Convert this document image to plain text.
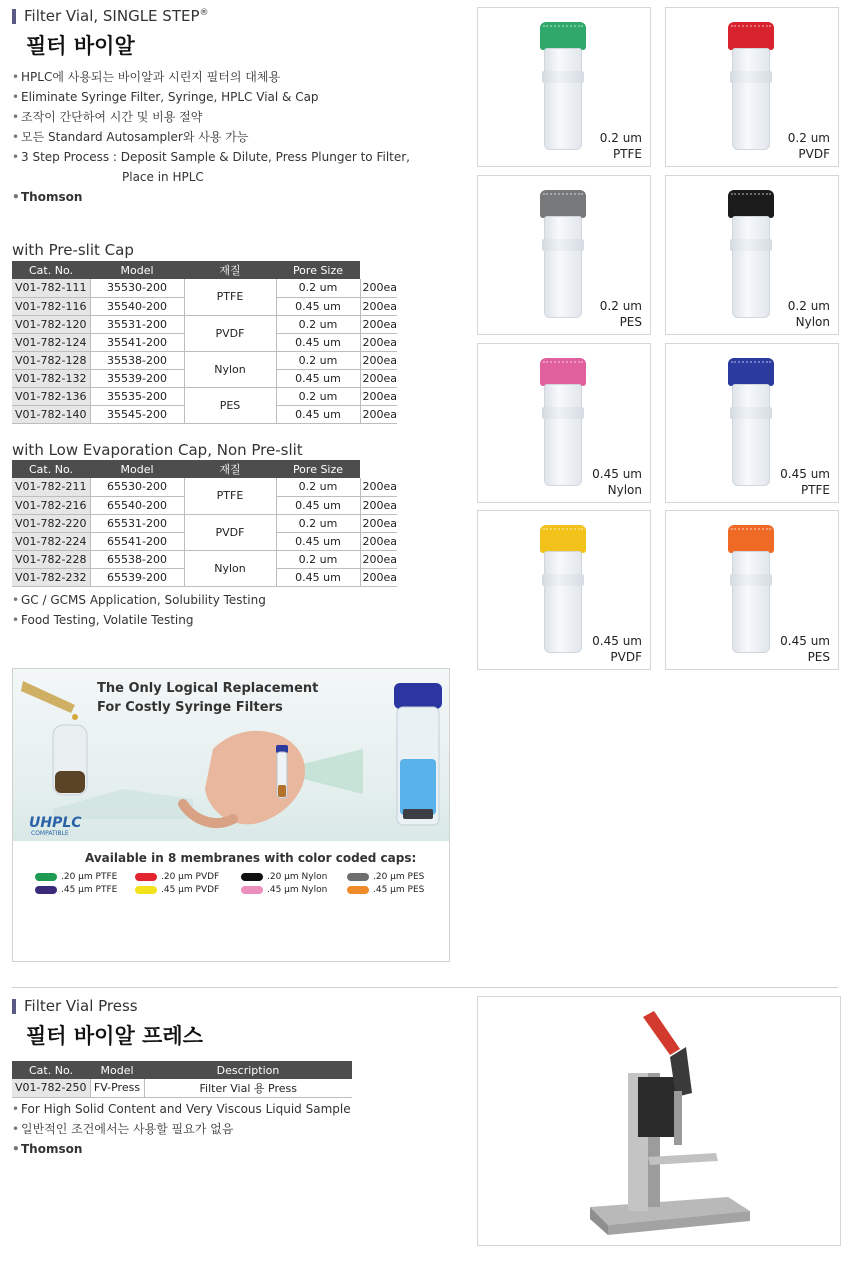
Filter Vial, SINGLE STEP®
필터 바이알
• HPLC에 사용되는 바이알과 시린지 필터의 대체용
• Eliminate Syringe Filter, Syringe, HPLC Vial & Cap
• 조작이 간단하여 시간 및 비용 절약
• 모든 Standard Autosampler와 사용 가능
• 3 Step Process : Deposit Sample & Dilute, Press Plunger to Filter,
Place in HPLC
• Thomson
with Pre-slit Cap
Cat. No.	Model	재질	Pore Size	
V01-782-111	35530-200	PTFE	0.2 um	200ea
V01-782-116	35540-200		0.45 um	200ea
V01-782-120	35531-200	PVDF	0.2 um	200ea
V01-782-124	35541-200		0.45 um	200ea
V01-782-128	35538-200	Nylon	0.2 um	200ea
V01-782-132	35539-200		0.45 um	200ea
V01-782-136	35535-200	PES	0.2 um	200ea
V01-782-140	35545-200		0.45 um	200ea
with Low Evaporation Cap, Non Pre-slit
Cat. No.	Model	재질	Pore Size	
V01-782-211	65530-200	PTFE	0.2 um	200ea
V01-782-216	65540-200		0.45 um	200ea
V01-782-220	65531-200	PVDF	0.2 um	200ea
V01-782-224	65541-200		0.45 um	200ea
V01-782-228	65538-200	Nylon	0.2 um	200ea
V01-782-232	65539-200		0.45 um	200ea
• GC / GCMS Application, Solubility Testing
• Food Testing, Volatile Testing
0.2 um
PTFE
0.2 um
PVDF
0.2 um
PES
0.2 um
Nylon
0.45 um
Nylon
0.45 um
PTFE
0.45 um
PVDF
0.45 um
PES
The Only Logical Replacement
For Costly Syringe Filters
UHPLC
COMPATIBLE
Available in 8 membranes with color coded caps:
.20 µm PTFE	.20 µm PVDF	.20 µm Nylon	.20 µm PES
.45 µm PTFE	.45 µm PVDF	.45 µm Nylon	.45 µm PES
Filter Vial Press
필터 바이알 프레스
Cat. No.	Model	Description
V01-782-250	FV-Press	Filter Vial 용 Press
• For High Solid Content and Very Viscous Liquid Sample
• 일반적인 조건에서는 사용할 필요가 없음
• Thomson
